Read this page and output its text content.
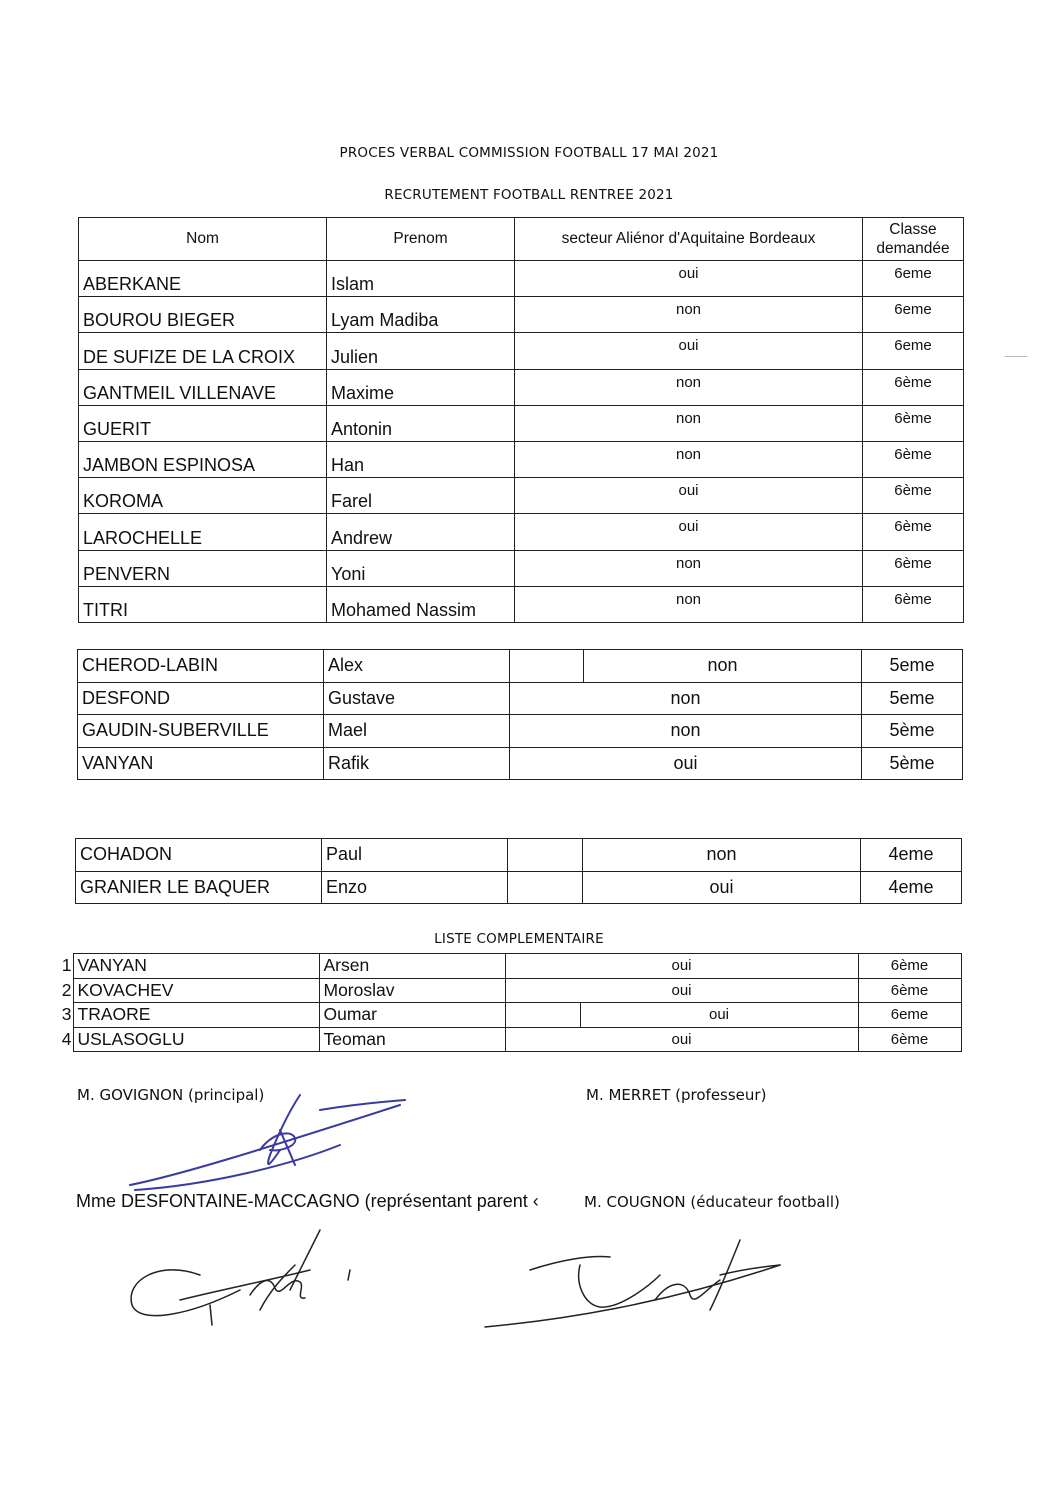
PROCES VERBAL COMMISSION FOOTBALL 17 MAI 2021
RECRUTEMENT FOOTBALL RENTREE 2021
Nom	Prenom	secteur Aliénor d'Aquitaine Bordeaux	Classe
demandée
ABERKANE	Islam	oui	6eme
BOUROU BIEGER	Lyam Madiba	non	6eme
DE SUFIZE DE LA CROIX	Julien	oui	6eme
GANTMEIL VILLENAVE	Maxime	non	6ème
GUERIT	Antonin	non	6ème
JAMBON ESPINOSA	Han	non	6ème
KOROMA	Farel	oui	6ème
LAROCHELLE	Andrew	oui	6ème
PENVERN	Yoni	non	6ème
TITRI	Mohamed Nassim	non	6ème
CHEROD-LABIN	Alex		non	5eme
DESFOND	Gustave	non		5eme
GAUDIN-SUBERVILLE	Mael	non		5ème
VANYAN	Rafik	oui		5ème
COHADON	Paul		non	4eme
GRANIER LE BAQUER	Enzo		oui	4eme
LISTE COMPLEMENTAIRE
1	VANYAN	Arsen	oui		6ème
2	KOVACHEV	Moroslav	oui		6ème
3	TRAORE	Oumar		oui	6eme
4	USLASOGLU	Teoman	oui		6ème
M. GOVIGNON (principal)	M. MERRET (professeur)
Mme DESFONTAINE-MACCAGNO (représentant parent ‹	M. COUGNON (éducateur football)
